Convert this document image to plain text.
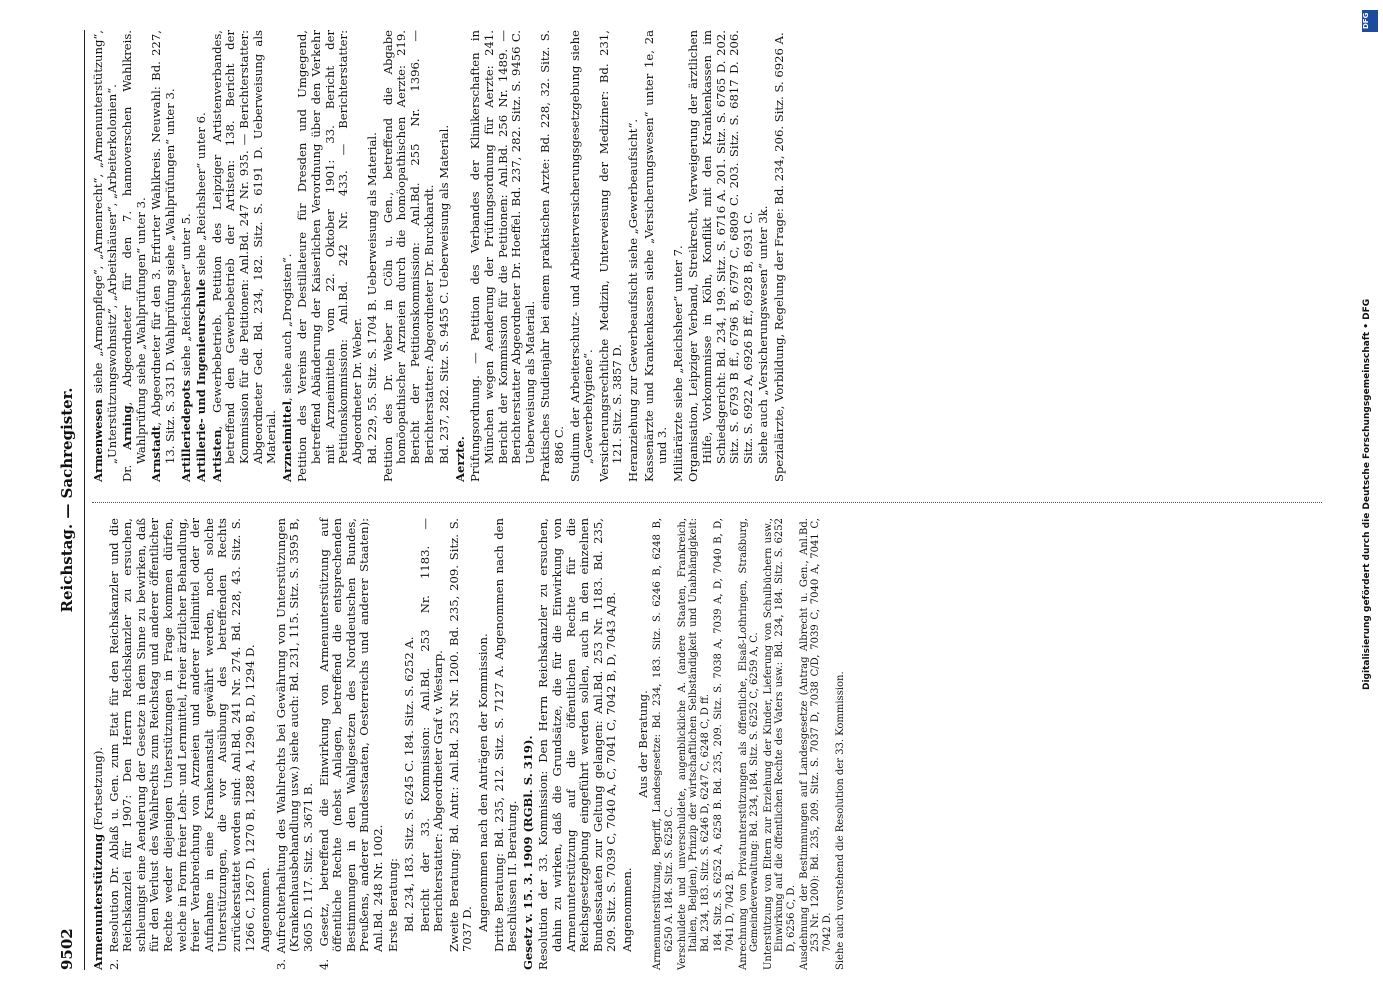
9502
Reichstag. — Sachregister.

Armenunterstützung (Fortsetzung). 2. Resolution Dr. Ablaß u. Gen. zum Etat für den Reichskanzler und die Reichskanzlei für 1907: Den Herrn Reichskanzler zu ersuchen, schleunigst eine Aenderung der Gesetze in dem Sinne zu bewirken, daß für den Verlust des Wahlrechts zum Reichstag und anderer öffentlicher Rechte weder diejenigen Unterstützungen in Frage kommen dürfen, welche in Form freier Lehr- und Lernmittel, freier ärztlicher Behandlung, freier Verabreichung von Arzneien und anderer Heilmittel oder der Aufnahme in eine Krankenanstalt gewährt werden, noch solche Unterstützungen, die vor Ausübung des betreffenden Rechts zurückerstattet worden sind: Anl.Bd. 241 Nr. 274. Bd. 228, 43. Sitz. S. 1266 C, 1267 D, 1270 B, 1288 A, 1290 B, D, 1294 D. Angenommen. 3. Aufrechterhaltung des Wahlrechts bei Gewährung von Unterstützungen (Krankenhausbehandlung usw.) siehe auch: Bd. 231, 115. Sitz. S. 3595 B, 3605 D. 117. Sitz. S. 3671 B. 4. Gesetz, betreffend die Einwirkung von Armenunterstützung auf öffentliche Rechte (nebst Anlagen, betreffend die entsprechenden Bestimmungen in den Wahlgesetzen des Norddeutschen Bundes, Preußens, anderer Bundesstaaten, Oesterreichs und anderer Staaten): Anl.Bd. 248 Nr. 1002. Erste Beratung: Bd. 234, 183. Sitz. S. 6245 C. 184. Sitz. S. 6252 A. Bericht der 33. Kommission: Anl.Bd. 253 Nr. 1183. — Berichterstatter: Abgeordneter Graf v. Westarp. Zweite Beratung: Bd. Antr.: Anl.Bd. 253 Nr. 1200. Bd. 235, 209. Sitz. S. 7037 D. Angenommen nach den Anträgen der Kommission. Dritte Beratung: Bd. 235, 212. Sitz. S. 7127 A. Angenommen nach den Beschlüssen II. Beratung. Gesetz v. 15. 3. 1909 (RGBl. S. 319). Resolution der 33. Kommission: Den Herrn Reichskanzler zu ersuchen, dahin zu wirken, daß die Grundsätze, die für die Einwirkung von Armenunterstützung auf die öffentlichen Rechte für die Reichsgesetzgebung eingeführt werden sollen, auch in den einzelnen Bundesstaaten zur Geltung gelangen: Anl.Bd. 253 Nr. 1183. Bd. 235, 209. Sitz. S. 7039 C, 7040 A, C, 7041 C, 7042 B, D, 7043 A/B. Angenommen.

Aus der Beratung. Armenunterstützung, Begriff, Landesgesetze: Bd. 234, 183. Sitz. S. 6246 B, 6248 B, 6250 A. 184. Sitz. S. 6258 C. Verschuldete und unverschuldete, augenblickliche A. (andere Staaten, Frankreich, Italien, Belgien), Prinzip der wirtschaftlichen Selbständigkeit und Unabhängigkeit: Bd. 234, 183. Sitz. S. 6246 D, 6247 C, 6248 C, D ff. 184. Sitz. S. 6252 A, 6258 B. Bd. 235, 209. Sitz. S. 7038 A, 7039 A, D, 7040 B, D, 7041 D, 7042 B. Anrechnung von Privatunterstützungen als öffentliche, Elsaß-Lothringen, Straßburg, Gemeindeverwaltung: Bd. 234, 184. Sitz. S. 6252 C, 6259 A, C. Unterstützung von Eltern zur Erziehung der Kinder, Lieferung von Schulbüchern usw., Einwirkung auf die öffentlichen Rechte des Vaters usw.: Bd. 234, 184. Sitz. S. 6252 D, 6256 C, D. Ausdehnung der Bestimmungen auf Landesgesetze (Antrag Albrecht u. Gen., Anl.Bd. 253 Nr. 1200): Bd. 235, 209. Sitz. S. 7037 D, 7038 C/D, 7039 C, 7040 A, 7041 C, 7042 D. Siehe auch vorstehend die Resolution der 33. Kommission.

Armenwesen siehe „Armenpflege“, „Armenrecht“, „Armenunterstützung“, „Unterstützungswohnsitz“, „Arbeitshäuser“, „Arbeiterkolonien“.

Dr. Arning, Abgeordneter für den 7. hannoverschen Wahlkreis. Wahlprüfung siehe „Wahlprüfungen“ unter 3. Arnstadt, Abgeordneter für den 3. Erfurter Wahlkreis. Neuwahl: Bd. 227, 13. Sitz. S. 331 D. Wahlprüfung siehe „Wahlprüfungen“ unter 3. Artilleriedepots siehe „Reichsheer“ unter 5. Artillerie- und Ingenieurschule siehe „Reichsheer“ unter 6.

Artisten, Gewerbebetrieb. Petition des Leipziger Artistenverbandes, betreffend den Gewerbebetrieb der Artisten: 138. Bericht der Kommission für die Petitionen: Anl.Bd. 247 Nr. 935. — Berichterstatter: Abgeordneter Ged. Bd. 234, 182. Sitz. S. 6191 D. Ueberweisung als Material. Arzneimittel, siehe auch „Drogisten“. Petition des Vereins der Destillateure für Dresden und Umgegend, betreffend Abänderung der Kaiserlichen Verordnung über den Verkehr mit Arzneimitteln vom 22. Oktober 1901: 33. Bericht der Petitionskommission: Anl.Bd. 242 Nr. 433. — Berichterstatter: Abgeordneter Dr. Weber. Bd. 229, 55. Sitz. S. 1704 B. Ueberweisung als Material. Petition des Dr. Weber in Cöln u. Gen., betreffend die Abgabe homöopathischer Arzneien durch die homöopathischen Aerzte: 219. Bericht der Petitionskommission: Anl.Bd. 255 Nr. 1396. — Berichterstatter: Abgeordneter Dr. Burckhardt. Bd. 237, 282. Sitz. S. 9455 C. Ueberweisung als Material. Aerzte. Prüfungsordnung. — Petition des Verbandes der Klinikerschaften in München wegen Aenderung der Prüfungsordnung für Aerzte: 241. Bericht der Kommission für die Petitionen: Anl.Bd. 256 Nr. 1489. — Berichterstatter Abgeordneter Dr. Hoeffel. Bd. 237, 282. Sitz. S. 9456 C. Ueberweisung als Material. Praktisches Studienjahr bei einem praktischen Arzte: Bd. 228, 32. Sitz. S. 886 C. Studium der Arbeiterschutz- und Arbeiterversicherungsgesetzgebung siehe „Gewerbehygiene“. Versicherungsrechtliche Medizin, Unterweisung der Mediziner: Bd. 231, 121. Sitz. S. 3857 D. Heranziehung zur Gewerbeaufsicht siehe „Gewerbeaufsicht“. Kassenärzte und Krankenkassen siehe „Versicherungswesen“ unter 1e, 2a und 3. Militärärzte siehe „Reichsheer“ unter 7. Organisation, Leipziger Verband, Streikrecht, Verweigerung der ärztlichen Hilfe, Vorkommnisse in Köln, Konflikt mit den Krankenkassen im Schiedsgericht: Bd. 234, 199. Sitz. S. 6716 A. 201. Sitz. S. 6765 D. 202. Sitz. S. 6793 B ff., 6796 B, 6797 C, 6809 C. 203. Sitz. S. 6817 D. 206. Sitz. S. 6922 A, 6926 B ff., 6928 B, 6931 C. Siehe auch „Versicherungswesen“ unter 3k. Spezialärzte, Vorbildung, Regelung der Frage: Bd. 234, 206. Sitz. S. 6926 A.

DFG
Digitalisierung gefördert durch die Deutsche Forschungsgemeinschaft • DFG
